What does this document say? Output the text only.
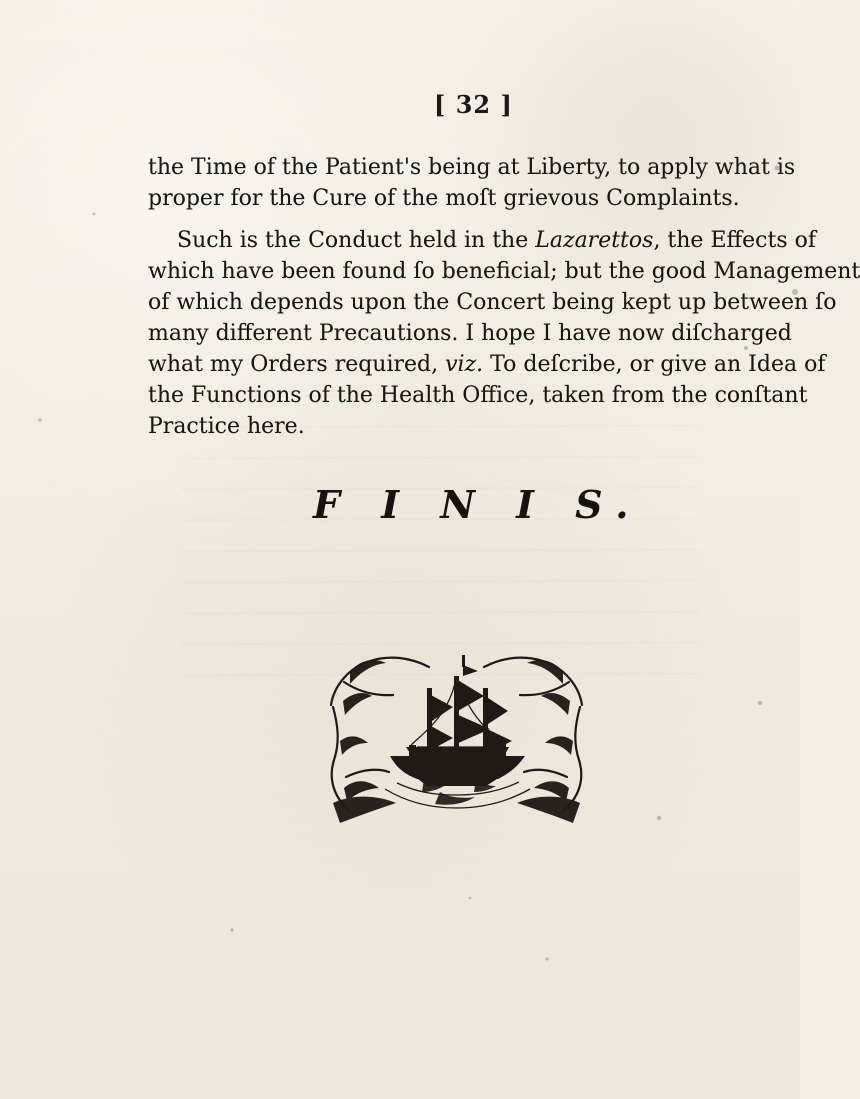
[ 32 ]
the Time of the Patient's being at Liberty, to apply what is
proper for the Cure of the moſt grievous Complaints.
Such is the Conduct held in the Lazarettos, the Effects of
which have been found ſo beneficial; but the good Management
of which depends upon the Concert being kept up between ſo
many different Precautions. I hope I have now diſcharged
what my Orders required, viz. To deſcribe, or give an Idea of
the Functions of the Health Office, taken from the conſtant
Practice here.
F I N I S.
